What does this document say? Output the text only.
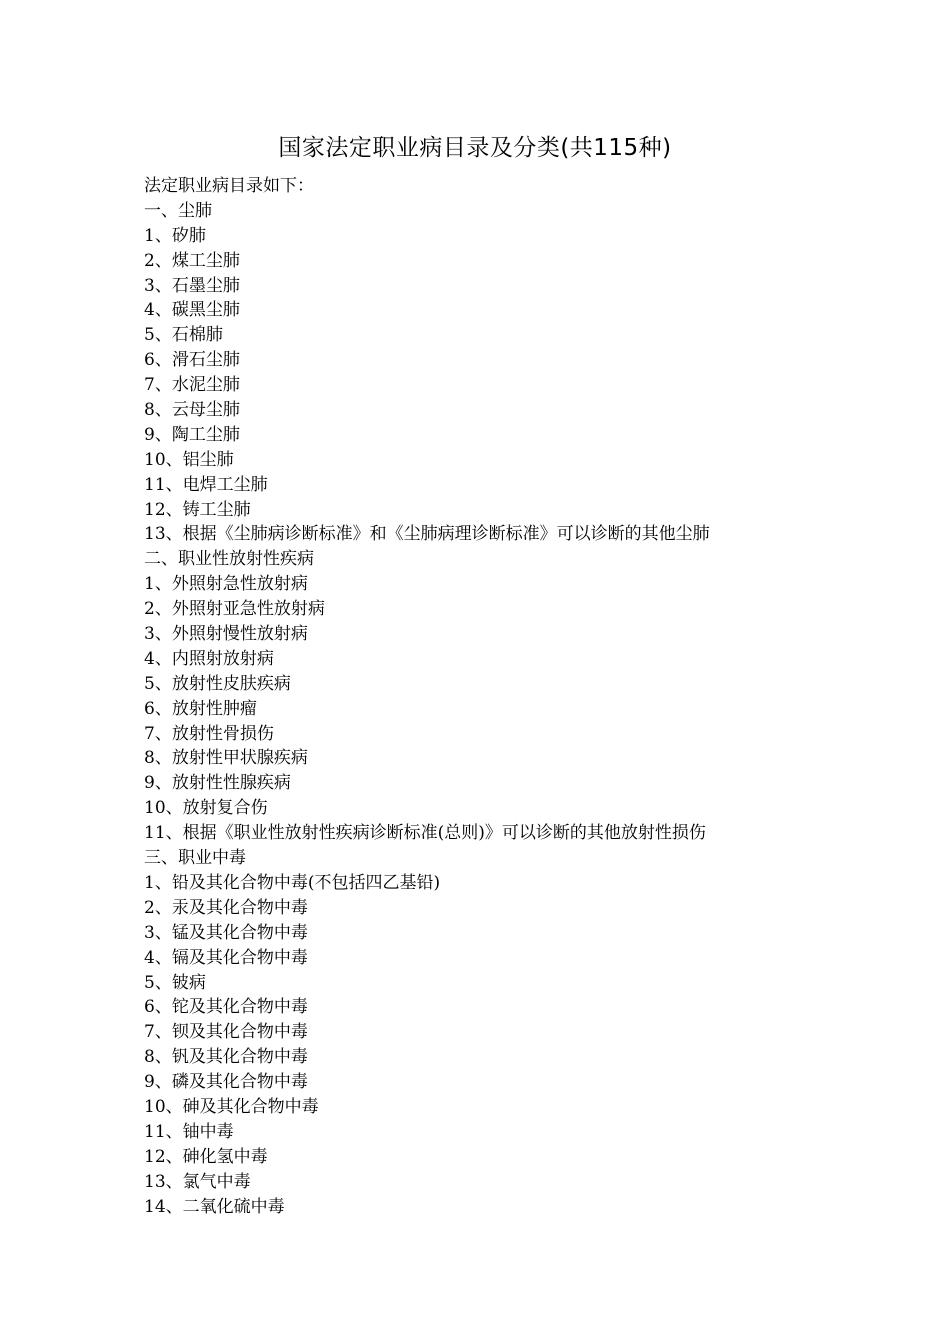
国家法定职业病目录及分类(共115种)
法定职业病目录如下：
一、尘肺
1、矽肺
2、煤工尘肺
3、石墨尘肺
4、碳黑尘肺
5、石棉肺
6、滑石尘肺
7、水泥尘肺
8、云母尘肺
9、陶工尘肺
10、铝尘肺
11、电焊工尘肺
12、铸工尘肺
13、根据《尘肺病诊断标准》和《尘肺病理诊断标准》可以诊断的其他尘肺
二、职业性放射性疾病
1、外照射急性放射病
2、外照射亚急性放射病
3、外照射慢性放射病
4、内照射放射病
5、放射性皮肤疾病
6、放射性肿瘤
7、放射性骨损伤
8、放射性甲状腺疾病
9、放射性性腺疾病
10、放射复合伤
11、根据《职业性放射性疾病诊断标准(总则)》可以诊断的其他放射性损伤
三、职业中毒
1、铅及其化合物中毒(不包括四乙基铅)
2、汞及其化合物中毒
3、锰及其化合物中毒
4、镉及其化合物中毒
5、铍病
6、铊及其化合物中毒
7、钡及其化合物中毒
8、钒及其化合物中毒
9、磷及其化合物中毒
10、砷及其化合物中毒
11、铀中毒
12、砷化氢中毒
13、氯气中毒
14、二氧化硫中毒
